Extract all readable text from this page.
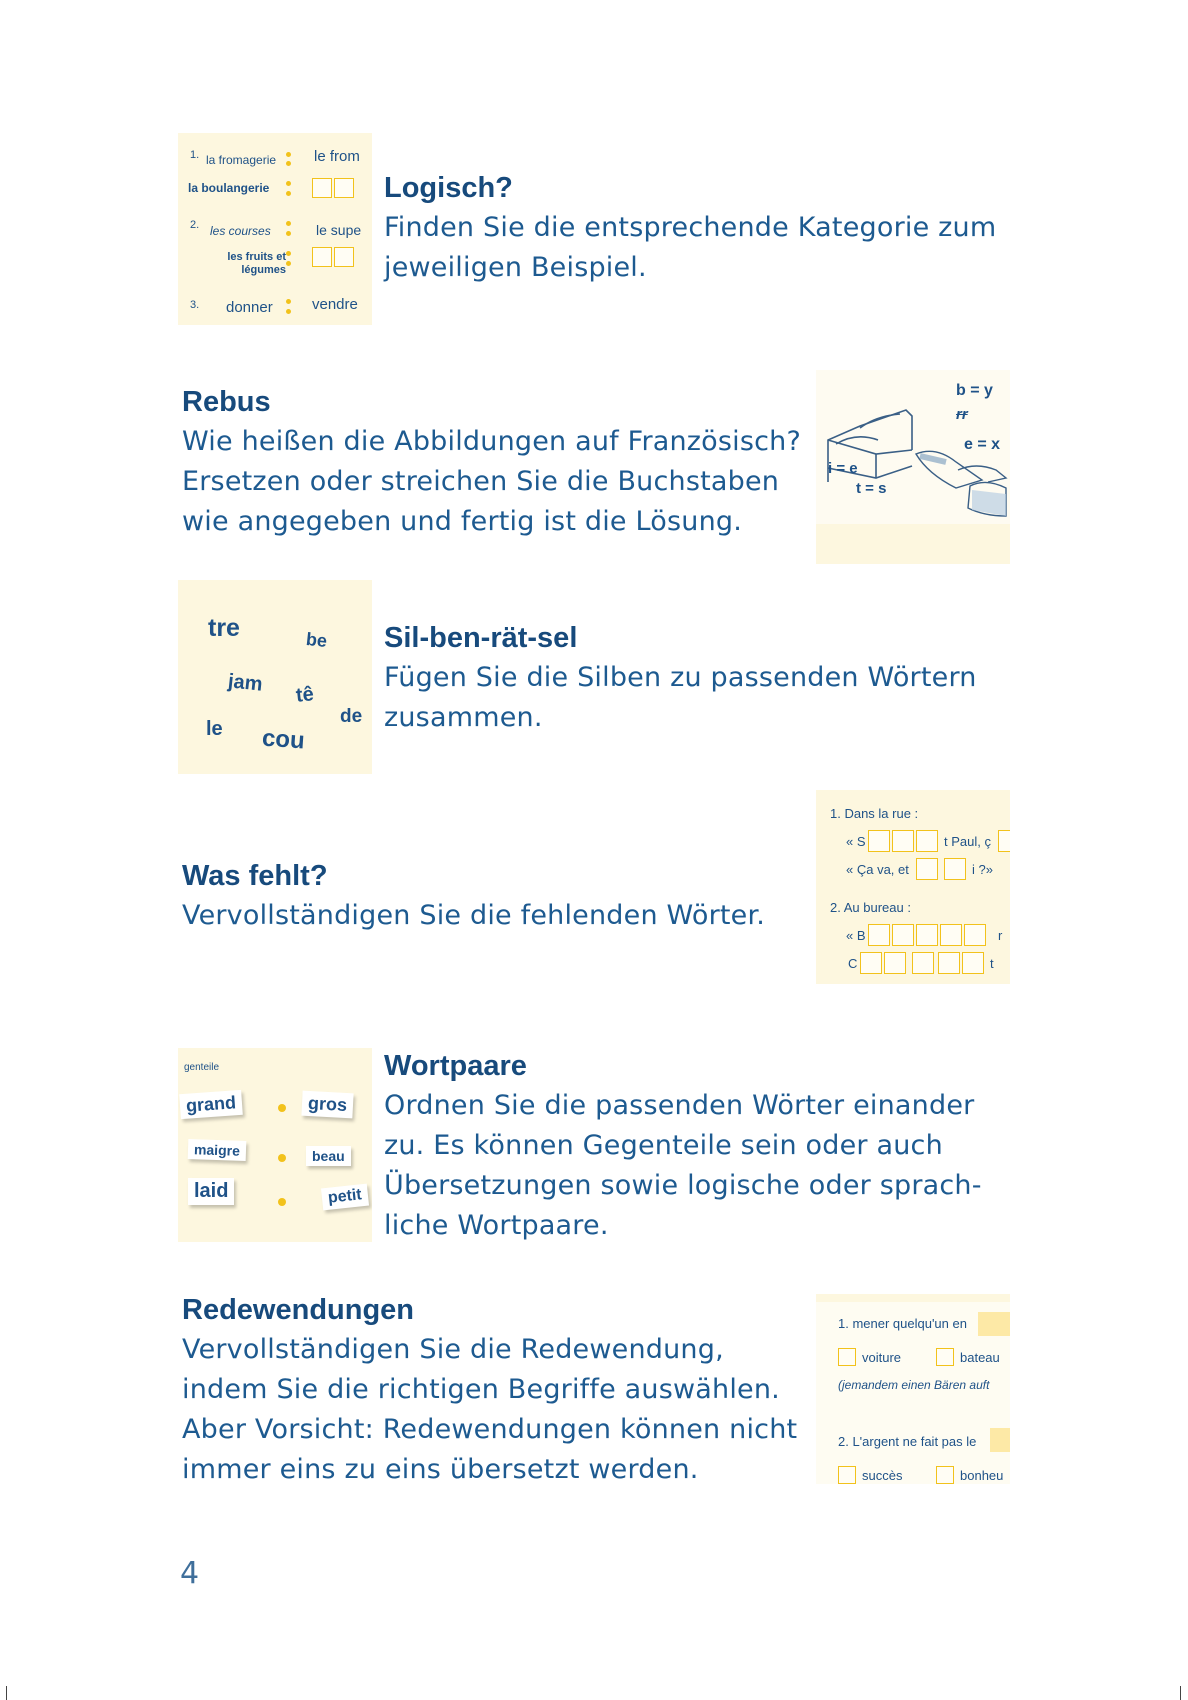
1. la fromagerie	le from
la boulangerie
2. les courses	le supe
les fruits et légumes
3. donner	vendre
Logisch?

Finden Sie die entsprechende Kategorie zum jeweiligen Beispiel.

Rebus

Wie heißen die Abbildungen auf Französisch? Ersetzen oder streichen Sie die Buchstaben wie angegeben und fertig ist die Lösung.

b = y
rr
e = x
i = e
t = s
tre	be
jam tê
de
le cou
Sil-ben-rät-sel

Fügen Sie die Silben zu passenden Wörtern zusammen.

Was fehlt?

Vervollständigen Sie die fehlenden Wörter.

1. Dans la rue :
« S	t Paul, ç
« Ça va, et	i ?»
2. Au bureau :
« B	r
C	t
genteile
grand	gros
maigre	beau
laid	petit
Wortpaare

Ordnen Sie die passenden Wörter einander zu. Es können Gegenteile sein oder auch Übersetzungen sowie logische oder sprach- liche Wortpaare.

Redewendungen

Vervollständigen Sie die Redewendung, indem Sie die richtigen Begriffe auswählen. Aber Vorsicht: Redewendungen können nicht immer eins zu eins übersetzt werden.

1. mener quelqu'un en
voiture	bateau
(jemandem einen Bären auft
2. L'argent ne fait pas le
succès	bonheu
4
